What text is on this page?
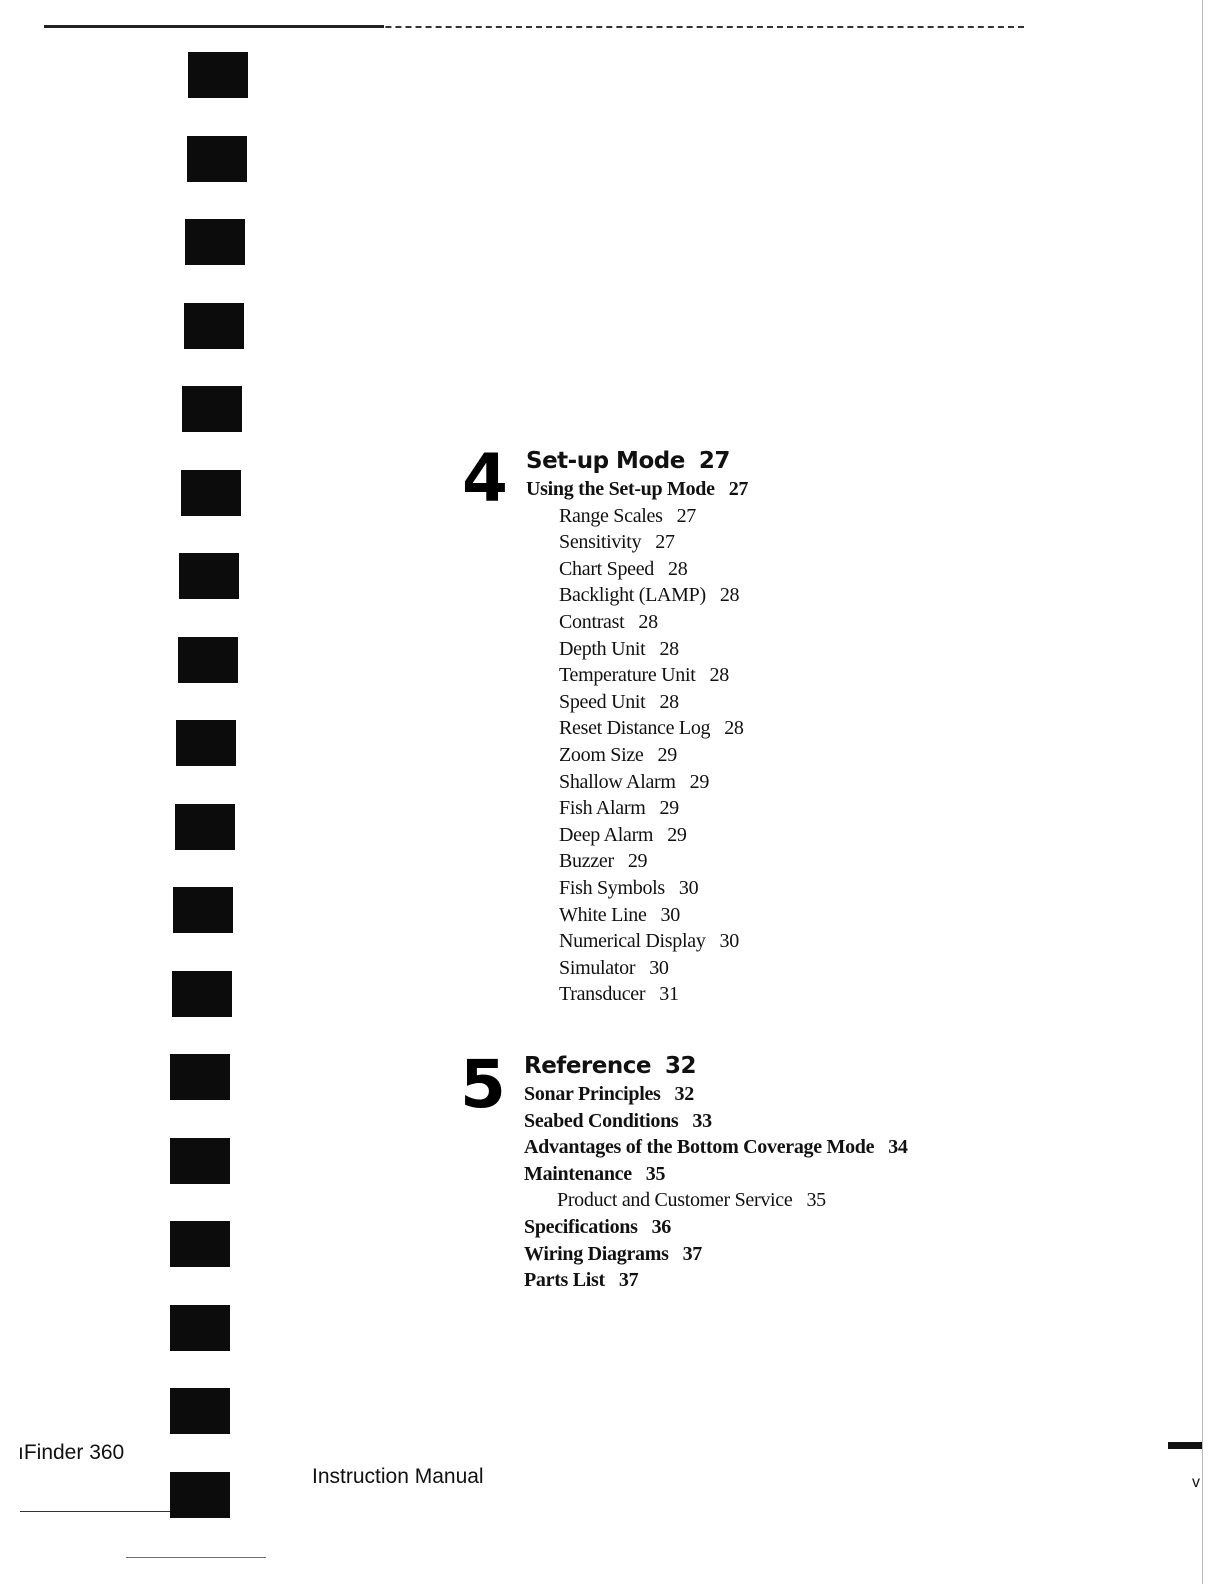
4 Set-up Mode 27
Using the Set-up Mode 27
Range Scales 27
Sensitivity 27
Chart Speed 28
Backlight (LAMP) 28
Contrast 28
Depth Unit 28
Temperature Unit 28
Speed Unit 28
Reset Distance Log 28
Zoom Size 29
Shallow Alarm 29
Fish Alarm 29
Deep Alarm 29
Buzzer 29
Fish Symbols 30
White Line 30
Numerical Display 30
Simulator 30
Transducer 31
5 Reference 32
Sonar Principles 32
Seabed Conditions 33
Advantages of the Bottom Coverage Mode 34
Maintenance 35
Product and Customer Service 35
Specifications 36
Wiring Diagrams 37
Parts List 37
ıFinder 360
Instruction Manual	v
